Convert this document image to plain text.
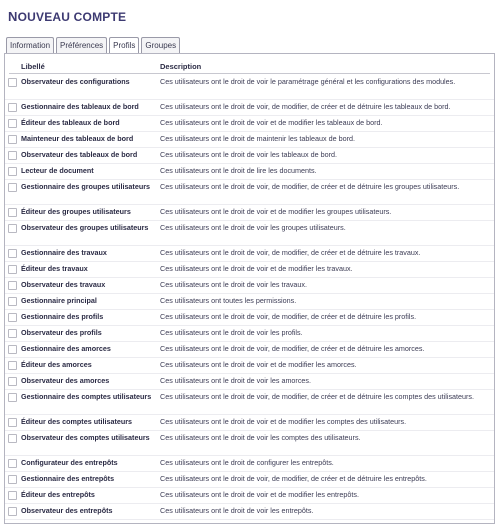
NOUVEAU COMPTE
Information	Préférences	Profils	Groupes
Libellé	Description
Observateur des configurations	Ces utilisateurs ont le droit de voir le paramétrage général et les configurations des modules.
Gestionnaire des tableaux de bord	Ces utilisateurs ont le droit de voir, de modifier, de créer et de détruire les tableaux de bord.
Éditeur des tableaux de bord	Ces utilisateurs ont le droit de voir et de modifier les tableaux de bord.
Mainteneur des tableaux de bord	Ces utilisateurs ont le droit de maintenir les tableaux de bord.
Observateur des tableaux de bord	Ces utilisateurs ont le droit de voir les tableaux de bord.
Lecteur de document	Ces utilisateurs ont le droit de lire les documents.
Gestionnaire des groupes utilisateurs	Ces utilisateurs ont le droit de voir, de modifier, de créer et de détruire les groupes utilisateurs.
Éditeur des groupes utilisateurs	Ces utilisateurs ont le droit de voir et de modifier les groupes utilisateurs.
Observateur des groupes utilisateurs	Ces utilisateurs ont le droit de voir les groupes utilisateurs.
Gestionnaire des travaux	Ces utilisateurs ont le droit de voir, de modifier, de créer et de détruire les travaux.
Éditeur des travaux	Ces utilisateurs ont le droit de voir et de modifier les travaux.
Observateur des travaux	Ces utilisateurs ont le droit de voir les travaux.
Gestionnaire principal	Ces utilisateurs ont toutes les permissions.
Gestionnaire des profils	Ces utilisateurs ont le droit de voir, de modifier, de créer et de détruire les profils.
Observateur des profils	Ces utilisateurs ont le droit de voir les profils.
Gestionnaire des amorces	Ces utilisateurs ont le droit de voir, de modifier, de créer et de détruire les amorces.
Éditeur des amorces	Ces utilisateurs ont le droit de voir et de modifier les amorces.
Observateur des amorces	Ces utilisateurs ont le droit de voir les amorces.
Gestionnaire des comptes utilisateurs	Ces utilisateurs ont le droit de voir, de modifier, de créer et de détruire les comptes des utilisateurs.
Éditeur des comptes utilisateurs	Ces utilisateurs ont le droit de voir et de modifier les comptes des utilisateurs.
Observateur des comptes utilisateurs	Ces utilisateurs ont le droit de voir les comptes des utilisateurs.
Configurateur des entrepôts	Ces utilisateurs ont le droit de configurer les entrepôts.
Gestionnaire des entrepôts	Ces utilisateurs ont le droit de voir, de modifier, de créer et de détruire les entrepôts.
Éditeur des entrepôts	Ces utilisateurs ont le droit de voir et de modifier les entrepôts.
Observateur des entrepôts	Ces utilisateurs ont le droit de voir les entrepôts.
